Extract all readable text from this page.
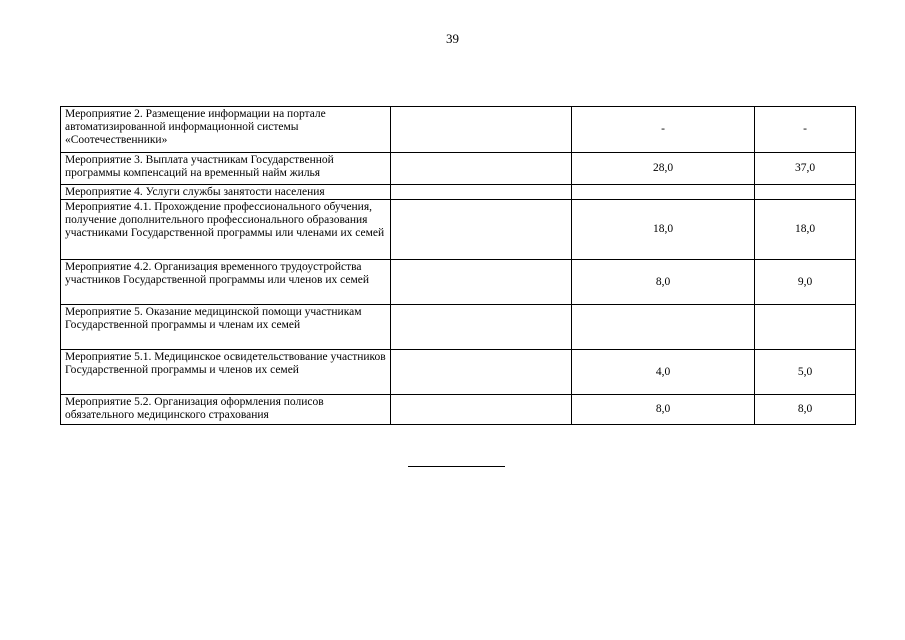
39
Мероприятие 2. Размещение информации на портале автоматизированной информационной системы «Соотечественники»		-	-
Мероприятие 3. Выплата участникам Государственной программы компенсаций на временный найм жилья		28,0	37,0
Мероприятие 4. Услуги службы занятости населения			
Мероприятие 4.1. Прохождение профессионального обучения, получение дополнительного профессионального образования участниками Государственной программы или членами их семей		18,0	18,0
Мероприятие 4.2. Организация временного трудоустройства участников Государственной программы или членов их семей		8,0	9,0
Мероприятие 5. Оказание медицинской помощи участникам Государственной программы и членам их семей			
Мероприятие 5.1. Медицинское освидетельствование участников Государственной программы и членов их семей		4,0	5,0
Мероприятие 5.2. Организация оформления полисов обязательного медицинского страхования		8,0	8,0
